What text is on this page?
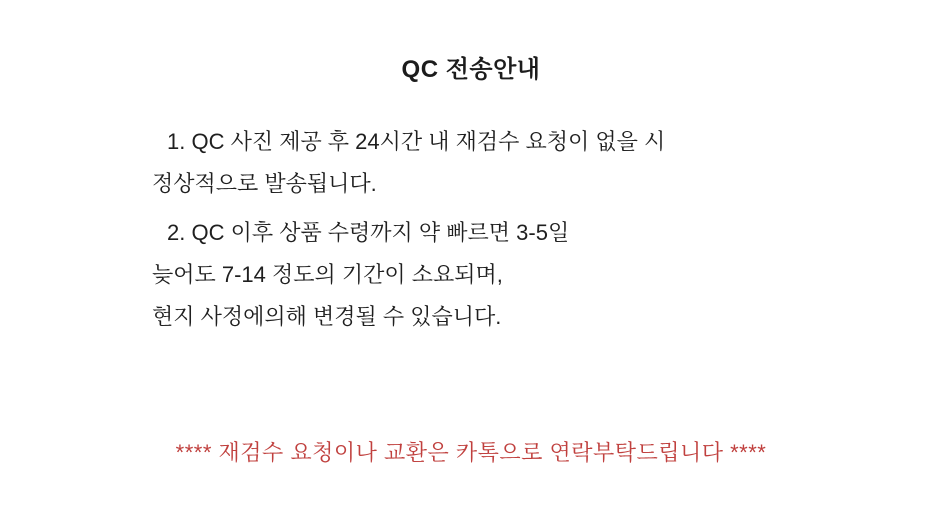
QC 전송안내

1. QC 사진 제공 후 24시간 내 재검수 요청이 없을 시
정상적으로 발송됩니다.

2. QC 이후 상품 수령까지 약 빠르면 3-5일
늦어도 7-14 정도의 기간이 소요되며,
현지 사정에의해 변경될 수 있습니다.

**** 재검수 요청이나 교환은 카톡으로 연락부탁드립니다 ****
